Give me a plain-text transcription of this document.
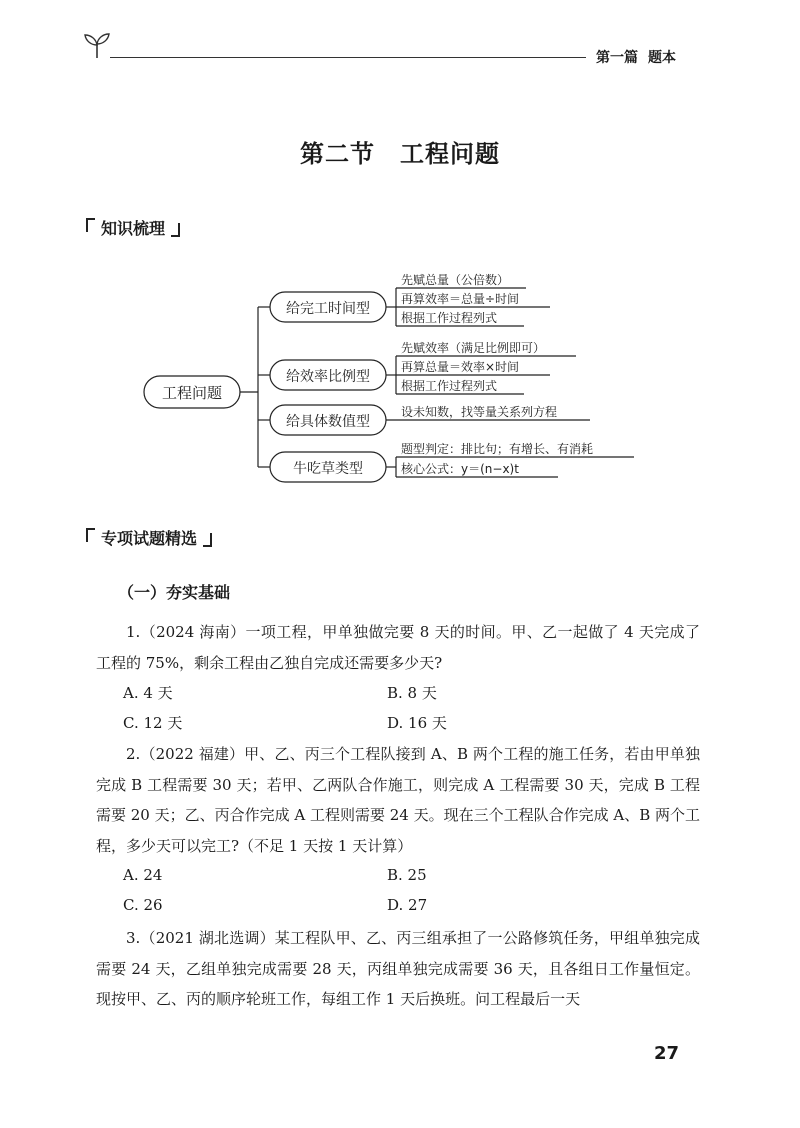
第一篇 题本
第二节　工程问题
知识梳理
工程问题
给完工时间型
给效率比例型
给具体数值型
牛吃草类型
先赋总量（公倍数）
再算效率＝总量÷时间
根据工作过程列式
先赋效率（满足比例即可）
再算总量＝效率×时间
根据工作过程列式
设未知数，找等量关系列方程
题型判定：排比句；有增长、有消耗
核心公式：y＝(n−x)t
专项试题精选
（一）夯实基础
1.（2024 海南）一项工程，甲单独做完要 8 天的时间。甲、乙一起做了 4 天完成了工程的 75%，剩余工程由乙独自完成还需要多少天?
A. 4 天	B. 8 天
C. 12 天	D. 16 天
2.（2022 福建）甲、乙、丙三个工程队接到 A、B 两个工程的施工任务，若由甲单独完成 B 工程需要 30 天；若甲、乙两队合作施工，则完成 A 工程需要 30 天，完成 B 工程需要 20 天；乙、丙合作完成 A 工程则需要 24 天。现在三个工程队合作完成 A、B 两个工程，多少天可以完工?（不足 1 天按 1 天计算）
A. 24	B. 25
C. 26	D. 27
3.（2021 湖北选调）某工程队甲、乙、丙三组承担了一公路修筑任务，甲组单独完成需要 24 天，乙组单独完成需要 28 天，丙组单独完成需要 36 天，且各组日工作量恒定。现按甲、乙、丙的顺序轮班工作，每组工作 1 天后换班。问工程最后一天
27
